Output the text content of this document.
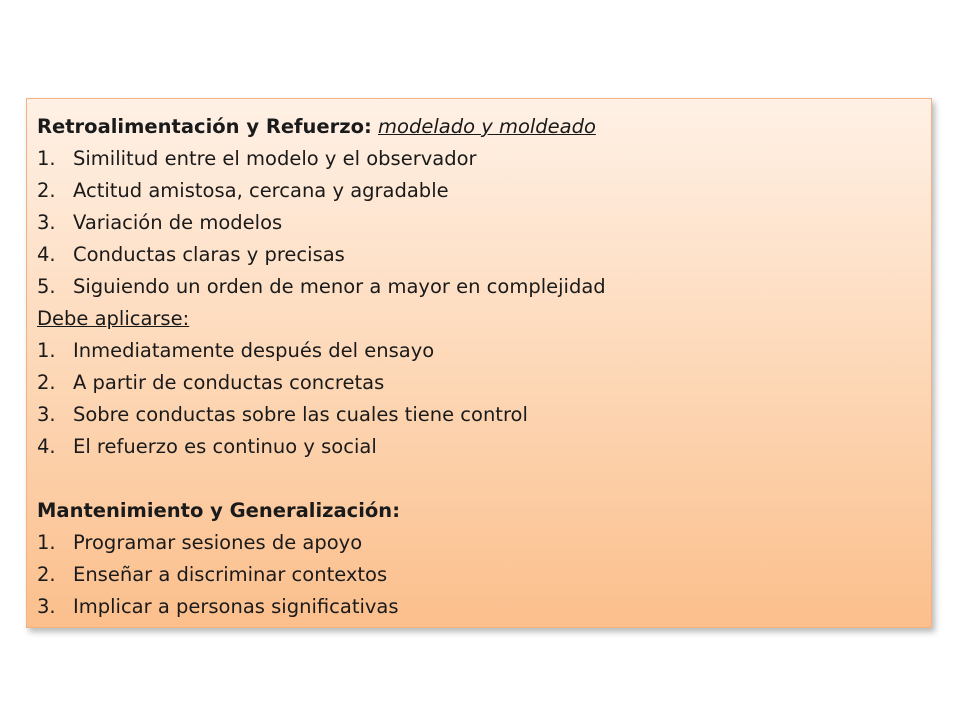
Retroalimentación y Refuerzo: modelado y moldeado
1. Similitud entre el modelo y el observador
2. Actitud amistosa, cercana y agradable
3. Variación de modelos
4. Conductas claras y precisas
5. Siguiendo un orden de menor a mayor en complejidad
Debe aplicarse:
1. Inmediatamente después del ensayo
2. A partir de conductas concretas
3. Sobre conductas sobre las cuales tiene control
4. El refuerzo es continuo y social
Mantenimiento y Generalización:
1. Programar sesiones de apoyo
2. Enseñar a discriminar contextos
3. Implicar a personas significativas
